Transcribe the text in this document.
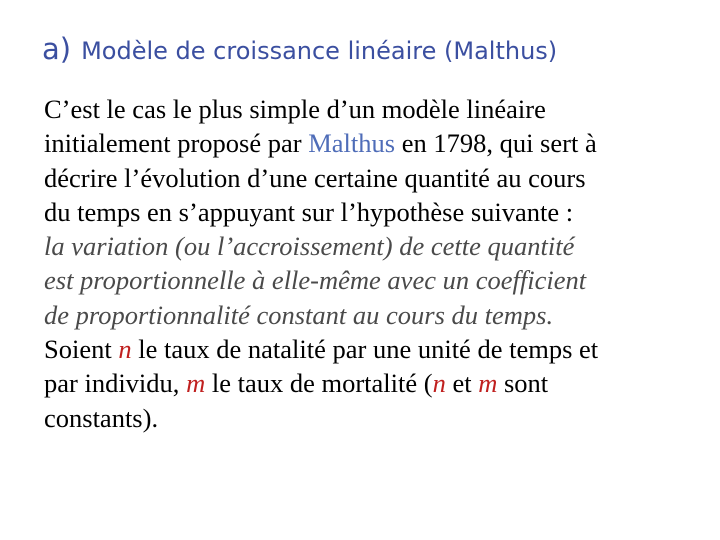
a) Modèle de croissance linéaire (Malthus)

C’est le cas le plus simple d’un modèle linéaire
initialement proposé par Malthus en 1798, qui sert à
décrire l’évolution d’une certaine quantité au cours
du temps en s’appuyant sur l’hypothèse suivante :

la variation (ou l’accroissement) de cette quantité
est proportionnelle à elle-même avec un coefficient
de proportionnalité constant au cours du temps.

Soient n le taux de natalité par une unité de temps et
par individu, m le taux de mortalité (n et m sont
constants).
